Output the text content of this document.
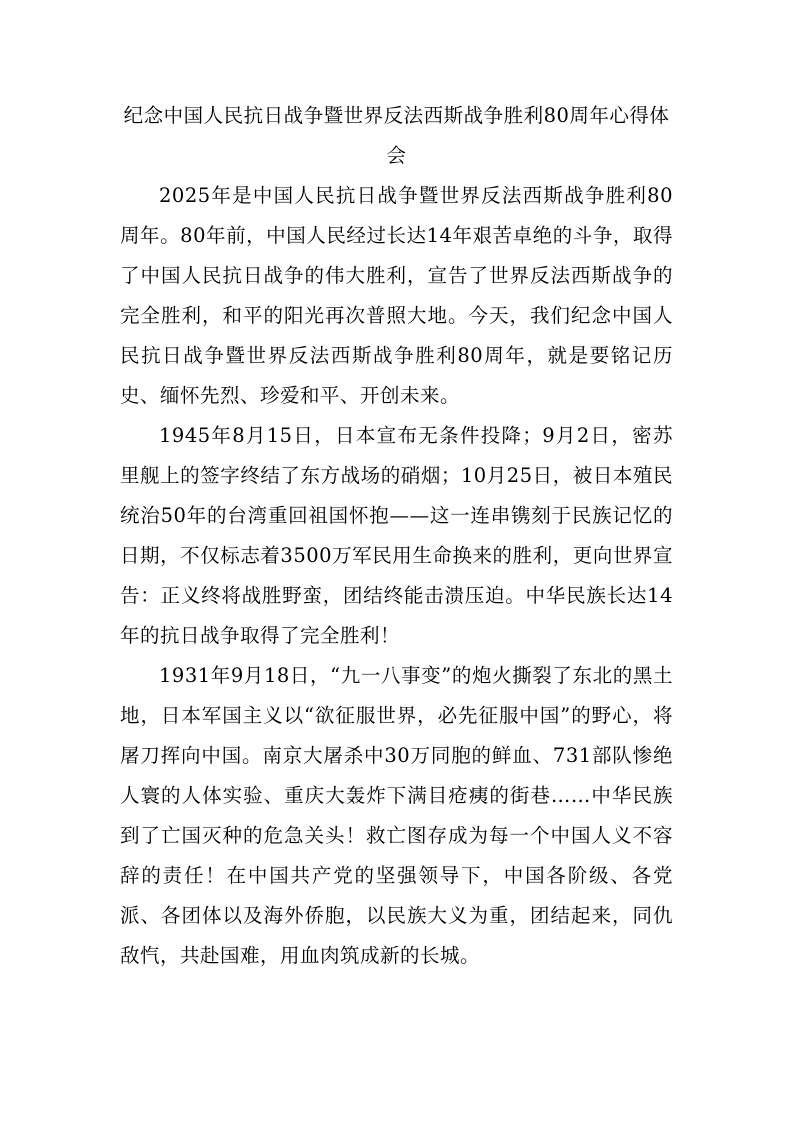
纪念中国人民抗日战争暨世界反法西斯战争胜利80周年心得体会

2025年是中国人民抗日战争暨世界反法西斯战争胜利80周年。80年前，中国人民经过长达14年艰苦卓绝的斗争，取得了中国人民抗日战争的伟大胜利，宣告了世界反法西斯战争的完全胜利，和平的阳光再次普照大地。今天，我们纪念中国人民抗日战争暨世界反法西斯战争胜利80周年，就是要铭记历史、缅怀先烈、珍爱和平、开创未来。

1945年8月15日，日本宣布无条件投降；9月2日，密苏里舰上的签字终结了东方战场的硝烟；10月25日，被日本殖民统治50年的台湾重回祖国怀抱——这一连串镌刻于民族记忆的日期，不仅标志着3500万军民用生命换来的胜利，更向世界宣告：正义终将战胜野蛮，团结终能击溃压迫。中华民族长达14年的抗日战争取得了完全胜利！

1931年9月18日，“九一八事变”的炮火撕裂了东北的黑土地，日本军国主义以“欲征服世界，必先征服中国”的野心，将屠刀挥向中国。南京大屠杀中30万同胞的鲜血、731部队惨绝人寰的人体实验、重庆大轰炸下满目疮痍的街巷……中华民族到了亡国灭种的危急关头！救亡图存成为每一个中国人义不容辞的责任！在中国共产党的坚强领导下，中国各阶级、各党派、各团体以及海外侨胞，以民族大义为重，团结起来，同仇敌忾，共赴国难，用血肉筑成新的长城。
